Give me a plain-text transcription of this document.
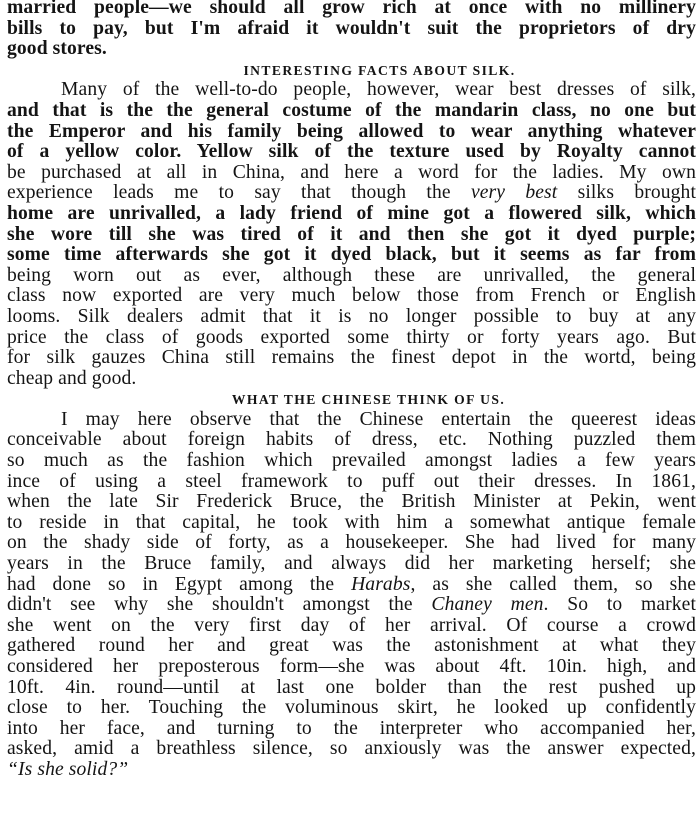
married people—we should all grow rich at once with no millinery
bills to pay, but I'm afraid it wouldn't suit the proprietors of dry
good stores.
INTERESTING FACTS ABOUT SILK.
Many of the well-to-do people, however, wear best dresses of silk,
and that is the the general costume of the mandarin class, no one but
the Emperor and his family being allowed to wear anything whatever
of a yellow color. Yellow silk of the texture used by Royalty cannot
be purchased at all in China, and here a word for the ladies. My own
experience leads me to say that though the very best silks brought
home are unrivalled, a lady friend of mine got a flowered silk, which
she wore till she was tired of it and then she got it dyed purple;
some time afterwards she got it dyed black, but it seems as far from
being worn out as ever, although these are unrivalled, the general
class now exported are very much below those from French or English
looms. Silk dealers admit that it is no longer possible to buy at any
price the class of goods exported some thirty or forty years ago. But
for silk gauzes China still remains the finest depot in the wortd, being
cheap and good.
WHAT THE CHINESE THINK OF US.
I may here observe that the Chinese entertain the queerest ideas
conceivable about foreign habits of dress, etc. Nothing puzzled them
so much as the fashion which prevailed amongst ladies a few years
ince of using a steel framework to puff out their dresses. In 1861,
when the late Sir Frederick Bruce, the British Minister at Pekin, went
to reside in that capital, he took with him a somewhat antique female
on the shady side of forty, as a housekeeper. She had lived for many
years in the Bruce family, and always did her marketing herself; she
had done so in Egypt among the Harabs, as she called them, so she
didn't see why she shouldn't amongst the Chaney men. So to market
she went on the very first day of her arrival. Of course a crowd
gathered round her and great was the astonishment at what they
considered her preposterous form—she was about 4ft. 10in. high, and
10ft. 4in. round—until at last one bolder than the rest pushed up
close to her. Touching the voluminous skirt, he looked up confidently
into her face, and turning to the interpreter who accompanied her,
asked, amid a breathless silence, so anxiously was the answer expected,
“Is she solid?”
